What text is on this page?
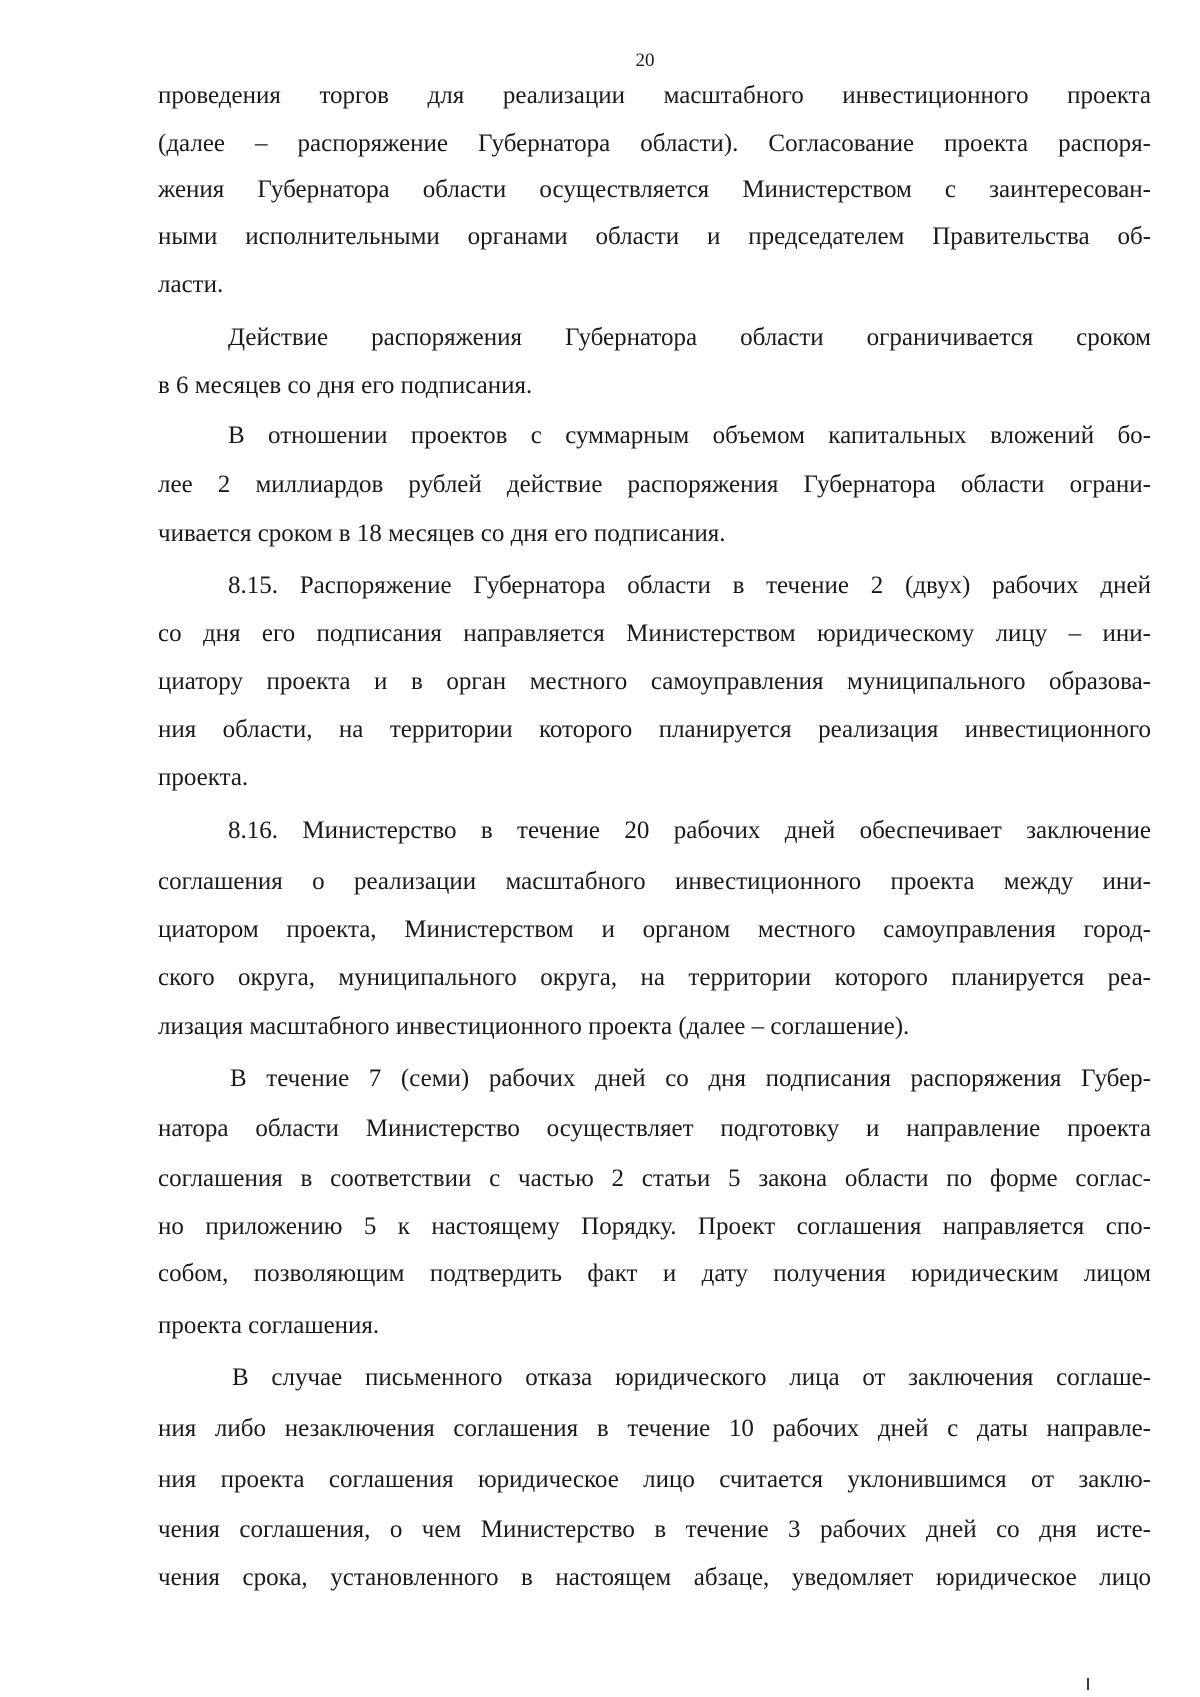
20
проведения торгов для реализации масштабного инвестиционного проекта
(далее – распоряжение Губернатора области). Согласование проекта распоря-
жения Губернатора области осуществляется Министерством с заинтересован-
ными исполнительными органами области и председателем Правительства об-
ласти.
Действие распоряжения Губернатора области ограничивается сроком
в 6 месяцев со дня его подписания.
В отношении проектов с суммарным объемом капитальных вложений бо-
лее 2 миллиардов рублей действие распоряжения Губернатора области ограни-
чивается сроком в 18 месяцев со дня его подписания.
8.15. Распоряжение Губернатора области в течение 2 (двух) рабочих дней
со дня его подписания направляется Министерством юридическому лицу – ини-
циатору проекта и в орган местного самоуправления муниципального образова-
ния области, на территории которого планируется реализация инвестиционного
проекта.
8.16. Министерство в течение 20 рабочих дней обеспечивает заключение
соглашения о реализации масштабного инвестиционного проекта между ини-
циатором проекта, Министерством и органом местного самоуправления город-
ского округа, муниципального округа, на территории которого планируется реа-
лизация масштабного инвестиционного проекта (далее – соглашение).
В течение 7 (семи) рабочих дней со дня подписания распоряжения Губер-
натора области Министерство осуществляет подготовку и направление проекта
соглашения в соответствии с частью 2 статьи 5 закона области по форме соглас-
но приложению 5 к настоящему Порядку. Проект соглашения направляется спо-
собом, позволяющим подтвердить факт и дату получения юридическим лицом
проекта соглашения.
В случае письменного отказа юридического лица от заключения соглаше-
ния либо незаключения соглашения в течение 10 рабочих дней с даты направле-
ния проекта соглашения юридическое лицо считается уклонившимся от заклю-
чения соглашения, о чем Министерство в течение 3 рабочих дней со дня исте-
чения срока, установленного в настоящем абзаце, уведомляет юридическое лицо
